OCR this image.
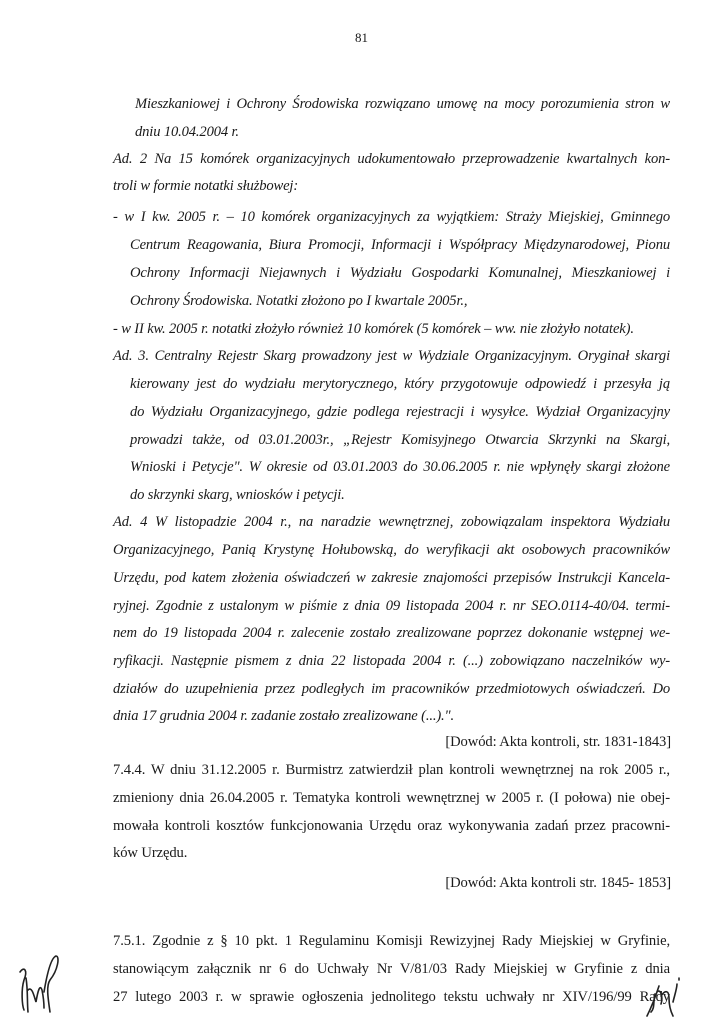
81
Mieszkaniowej i Ochrony Środowiska rozwiązano umowę na mocy porozumienia stron w
dniu 10.04.2004 r.
Ad. 2 Na 15 komórek organizacyjnych udokumentowało przeprowadzenie kwartalnych kon-
troli w formie notatki służbowej:
- w I kw. 2005 r. – 10 komórek organizacyjnych za wyjątkiem: Straży Miejskiej, Gminnego
Centrum Reagowania, Biura Promocji, Informacji i Współpracy Międzynarodowej, Pionu
Ochrony Informacji Niejawnych i Wydziału Gospodarki Komunalnej, Mieszkaniowej i
Ochrony Środowiska. Notatki złożono po I kwartale 2005r.,
- w II kw. 2005 r. notatki złożyło również 10 komórek (5 komórek – ww. nie złożyło notatek).
Ad. 3. Centralny Rejestr Skarg prowadzony jest w Wydziale Organizacyjnym. Oryginał skargi
kierowany jest do wydziału merytorycznego, który przygotowuje odpowiedź i przesyła ją
do Wydziału Organizacyjnego, gdzie podlega rejestracji i wysyłce. Wydział Organizacyjny
prowadzi także, od 03.01.2003r., „Rejestr Komisyjnego Otwarcia Skrzynki na Skargi,
Wnioski i Petycje". W okresie od 03.01.2003 do 30.06.2005 r. nie wpłynęły skargi złożone
do skrzynki skarg, wniosków i petycji.
Ad. 4 W listopadzie 2004 r., na naradzie wewnętrznej, zobowiązalam inspektora Wydziału
Organizacyjnego, Panią Krystynę Hołubowską, do weryfikacji akt osobowych pracowników
Urzędu, pod katem złożenia oświadczeń w zakresie znajomości przepisów Instrukcji Kancela-
ryjnej. Zgodnie z ustalonym w piśmie z dnia 09 listopada 2004 r. nr SEO.0114-40/04. termi-
nem do 19 listopada 2004 r. zalecenie zostało zrealizowane poprzez dokonanie wstępnej we-
ryfikacji. Następnie pismem z dnia 22 listopada 2004 r. (...) zobowiązano naczelników wy-
działów do uzupełnienia przez podległych im pracowników przedmiotowych oświadczeń. Do
dnia 17 grudnia 2004 r. zadanie zostało zrealizowane (...).".
[Dowód: Akta kontroli, str. 1831-1843]
7.4.4. W dniu 31.12.2005 r. Burmistrz zatwierdził plan kontroli wewnętrznej na rok 2005 r.,
zmieniony dnia 26.04.2005 r. Tematyka kontroli wewnętrznej w 2005 r. (I połowa) nie obej-
mowała kontroli kosztów funkcjonowania Urzędu oraz wykonywania zadań przez pracowni-
ków Urzędu.
[Dowód: Akta kontroli str. 1845- 1853]
7.5.1. Zgodnie z § 10 pkt. 1 Regulaminu Komisji Rewizyjnej Rady Miejskiej w Gryfinie,
stanowiącym załącznik nr 6 do Uchwały Nr V/81/03 Rady Miejskiej w Gryfinie z dnia
27 lutego 2003 r. w sprawie ogłoszenia jednolitego tekstu uchwały nr XIV/196/99 Rady
